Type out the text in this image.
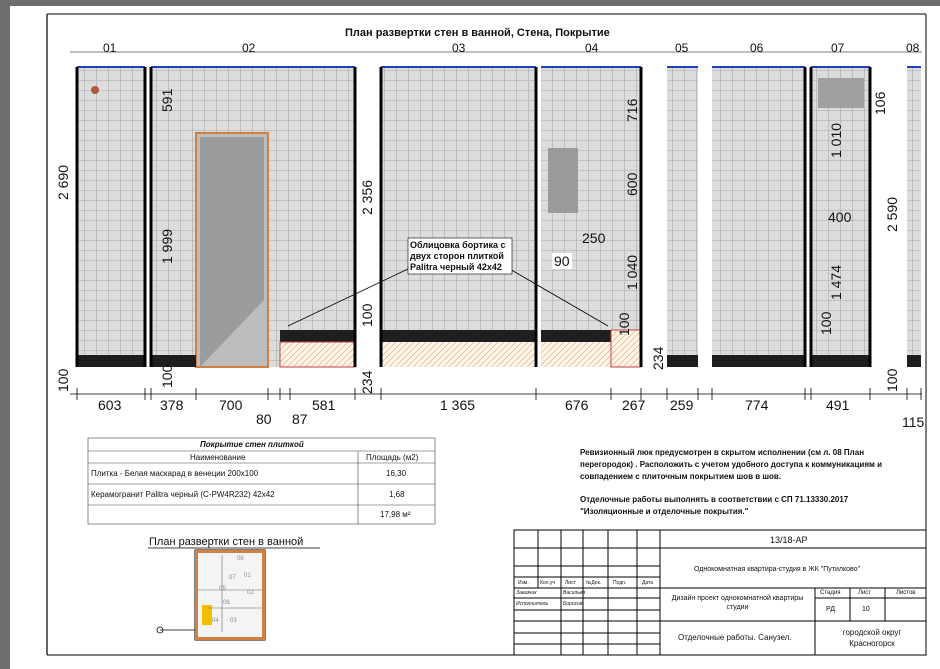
План развертки стен в ванной, Стена, Покрытие
01	02	03	04	05	06	07	08
2 690
591
1 999
100
2 356
100
716
600
1 040
100
234
106
1 010
1 474
100
2 590
100	234	100
603	378	700
80 87
581	1 365	676 267 259	774	491
115
250
90
400
Облицовка бортика с двух сторон плиткой Palitra черный 42х42
Покрытие стен плиткой
Наименование	Площадь (м2)
Плитка - Белая маскарад в венеции 200х100	16,30
Керамогранит Palitra черный (C-PW4R232) 42х42	1,68
17,98 м²
Ревизионный люк предусмотрен в скрытом исполнении (см л. 08 План перегородок) . Расположить с учетом удобного доступа к коммуникациям и совпадением с плиточным покрытием шов в шов.
Отделочные работы выполнять в соответствии с СП 71.13330.2017 "Изоляционные и отделочные покрытия."
План развертки стен в ванной
08
07 01
06
05
03
02
04
13/18-АР
Однокомнатная квартира-студия в ЖК "Путилково"
Дизайн проект однокомнатной квартиры студии
Отделочные работы. Санузел.
городской округ Красногорск
Изм. Кол.уч Лист №Док. Подп.	Дата
Заказчик	Васильев
Исполнитель	Борисов
Стадия	Лист	Листов
РД	10
